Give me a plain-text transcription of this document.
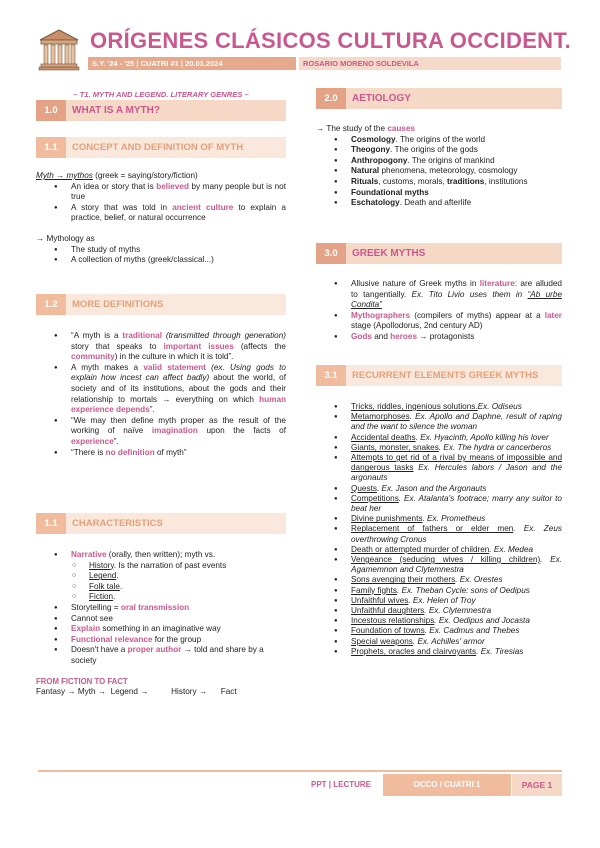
ORÍGENES CLÁSICOS CULTURA OCCIDENT.
S.Y. '24 - '25 | CUATRI #1 | 20.01.2024	ROSARIO MORENO SOLDEVILA
– T1. MYTH AND LEGEND. LITERARY GENRES –
1.0	WHAT IS A MYTH?
1.1	CONCEPT AND DEFINITION OF MYTH
Myth → mythos (greek = saying/story/fiction)
● An idea or story that is believed by many people but is not true
● A story that was told in ancient culture to explain a practice, belief, or natural occurrence
→ Mythology as
● The study of myths
● A collection of myths (greek/classical...)
1.2	MORE DEFINITIONS
● “A myth is a traditional (transmitted through generation) story that speaks to important issues (affects the community) in the culture in which it is told”.
● A myth makes a valid statement (ex. Using gods to explain how incest can affect badly) about the world, of society and of its institutions, about the gods and their relationship to mortals → everything on which human experience depends”.
● “We may then define myth proper as the result of the working of naïve imagination upon the facts of experience”.
● “There is no definition of myth”
1.1	CHARACTERISTICS
● Narrative (orally, then written); myth vs.
○ History. Is the narration of past events
○ Legend.
○ Folk tale.
○ Fiction.
● Storytelling = oral transmission
● Cannot see
● Explain something in an imaginative way
● Functional relevance for the group
● Doesn't have a proper author → told and share by a society
FROM FICTION TO FACT
Fantasy → Myth →  Legend →          History →      Fact
2.0	AETIOLOGY
→ The study of the causes
● Cosmology. The origins of the world
● Theogony. The origins of the gods
● Anthropogony. The origins of mankind
● Natural phenomena, meteorology, cosmology
● Rituals, customs, morals, traditions, institutions
● Foundational myths
● Eschatology. Death and afterlife
3.0	GREEK MYTHS
● Allusive nature of Greek myths in literature: are alluded to tangentially. Ex. Tito Livio uses them in “Ab urbe Condita”
● Mythographers (compilers of myths) appear at a later stage (Apollodorus, 2nd century AD)
● Gods and heroes → protagonists
3.1	RECURRENT ELEMENTS GREEK MYTHS
● Tricks, riddles, ingenious solutions.Ex. Odiseus
● Metamorphoses. Ex. Apollo and Daphne, result of raping and the want to silence the woman
● Accidental deaths. Ex. Hyacinth, Apollo killing his lover
● Giants, monster, snakes. Ex. The hydra or cancerberos
● Attempts to get rid of a rival by means of impossible and dangerous tasks Ex. Hercules labors / Jason and the argonauts
● Quests. Ex. Jason and the Argonauts
● Competitions. Ex. Atalanta's footrace; marry any suitor to beat her
● Divine punishments. Ex. Prometheus
● Replacement of fathers or elder men. Ex. Zeus overthrowing Cronus
● Death or attempted murder of children. Ex. Medea
● Vengeance (seducing wives / killing children). Ex. Agamemnon and Clytemnestra
● Sons avenging their mothers. Ex. Orestes
● Family fights. Ex. Theban Cycle: sons of Oedipus
● Unfaithful wives. Ex. Helen of Troy
● Unfaithful daughters. Ex. Clytemnestra
● Incestous relationships. Ex. Oedipus and Jocasta
● Foundation of towns. Ex. Cadmus and Thebes
● Special weapons. Ex. Achilles' armor
● Prophets, oracles and clairvoyants. Ex. Tiresias
PPT | LECTURE	OCCO / CUATRI 1	PAGE 1
